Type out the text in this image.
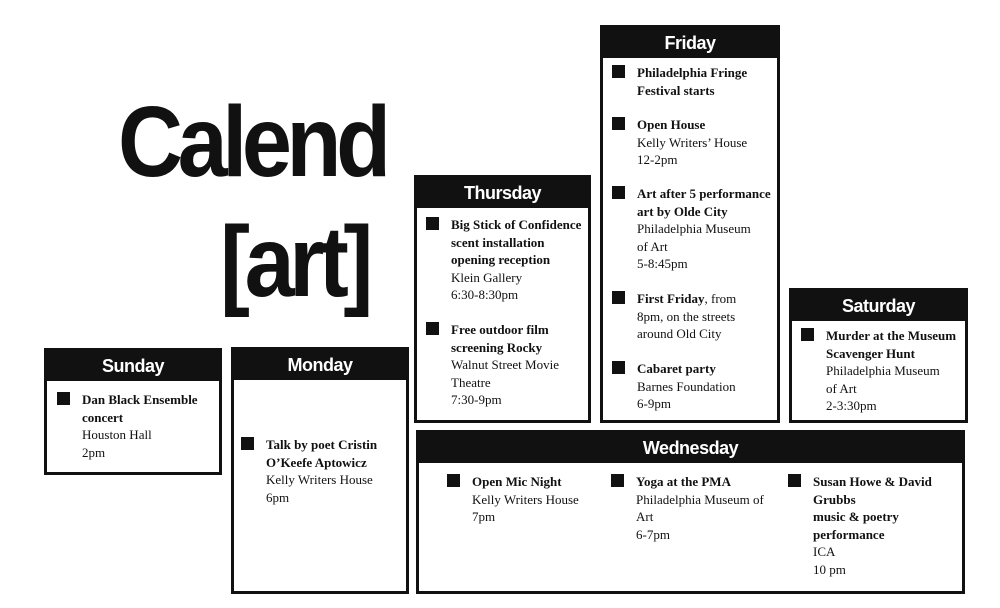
Calend
[art]
Sunday
Dan Black Ensemble
concert
Houston Hall
2pm
Monday
Talk by poet Cristin
O’Keefe Aptowicz
Kelly Writers House
6pm
Thursday
Big Stick of Confidence
scent installation
opening reception
Klein Gallery
6:30-8:30pm
Free outdoor film
screening Rocky
Walnut Street Movie
Theatre
7:30-9pm
Friday
Philadelphia Fringe
Festival starts
Open House
Kelly Writers’ House
12-2pm
Art after 5 performance
art by Olde City
Philadelphia Museum
of Art
5-8:45pm
First Friday, from
8pm, on the streets
around Old City
Cabaret party
Barnes Foundation
6-9pm
Saturday
Murder at the Museum
Scavenger Hunt
Philadelphia Museum
of Art
2-3:30pm
Wednesday
Open Mic Night
Kelly Writers House
7pm
Yoga at the PMA
Philadelphia Museum of
Art
6-7pm
Susan Howe & David
Grubbs
music & poetry
performance
ICA
10 pm
